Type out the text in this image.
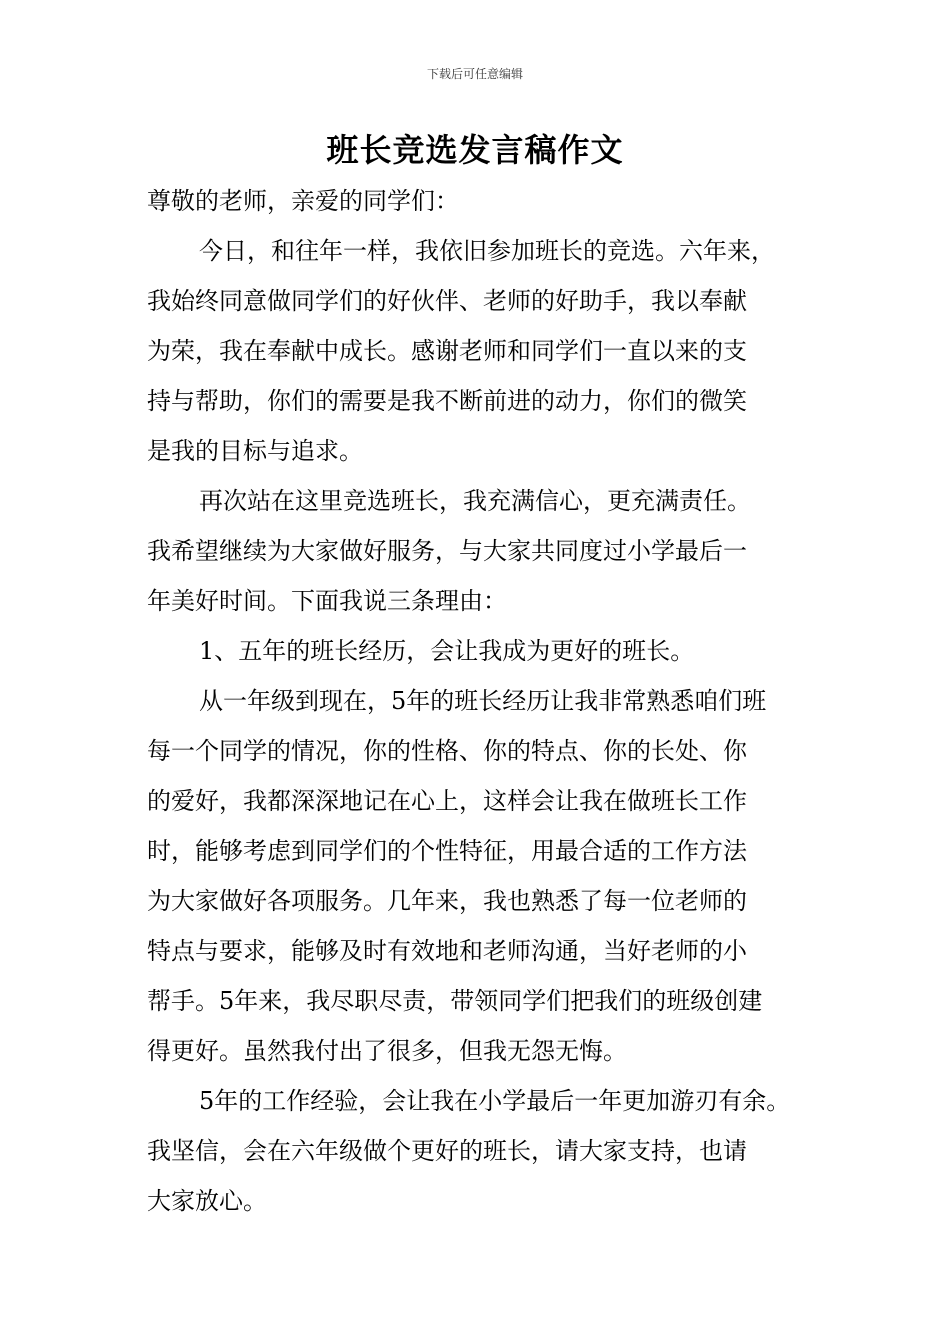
下载后可任意编辑
班长竞选发言稿作文
尊敬的老师，亲爱的同学们：
今日，和往年一样，我依旧参加班长的竞选。六年来，
我始终同意做同学们的好伙伴、老师的好助手，我以奉献
为荣，我在奉献中成长。感谢老师和同学们一直以来的支
持与帮助，你们的需要是我不断前进的动力，你们的微笑
是我的目标与追求。
再次站在这里竞选班长，我充满信心，更充满责任。
我希望继续为大家做好服务，与大家共同度过小学最后一
年美好时间。下面我说三条理由：
1、五年的班长经历，会让我成为更好的班长。
从一年级到现在，5年的班长经历让我非常熟悉咱们班
每一个同学的情况，你的性格、你的特点、你的长处、你
的爱好，我都深深地记在心上，这样会让我在做班长工作
时，能够考虑到同学们的个性特征，用最合适的工作方法
为大家做好各项服务。几年来，我也熟悉了每一位老师的
特点与要求，能够及时有效地和老师沟通，当好老师的小
帮手。5年来，我尽职尽责，带领同学们把我们的班级创建
得更好。虽然我付出了很多，但我无怨无悔。
5年的工作经验，会让我在小学最后一年更加游刃有余。
我坚信，会在六年级做个更好的班长，请大家支持，也请
大家放心。
